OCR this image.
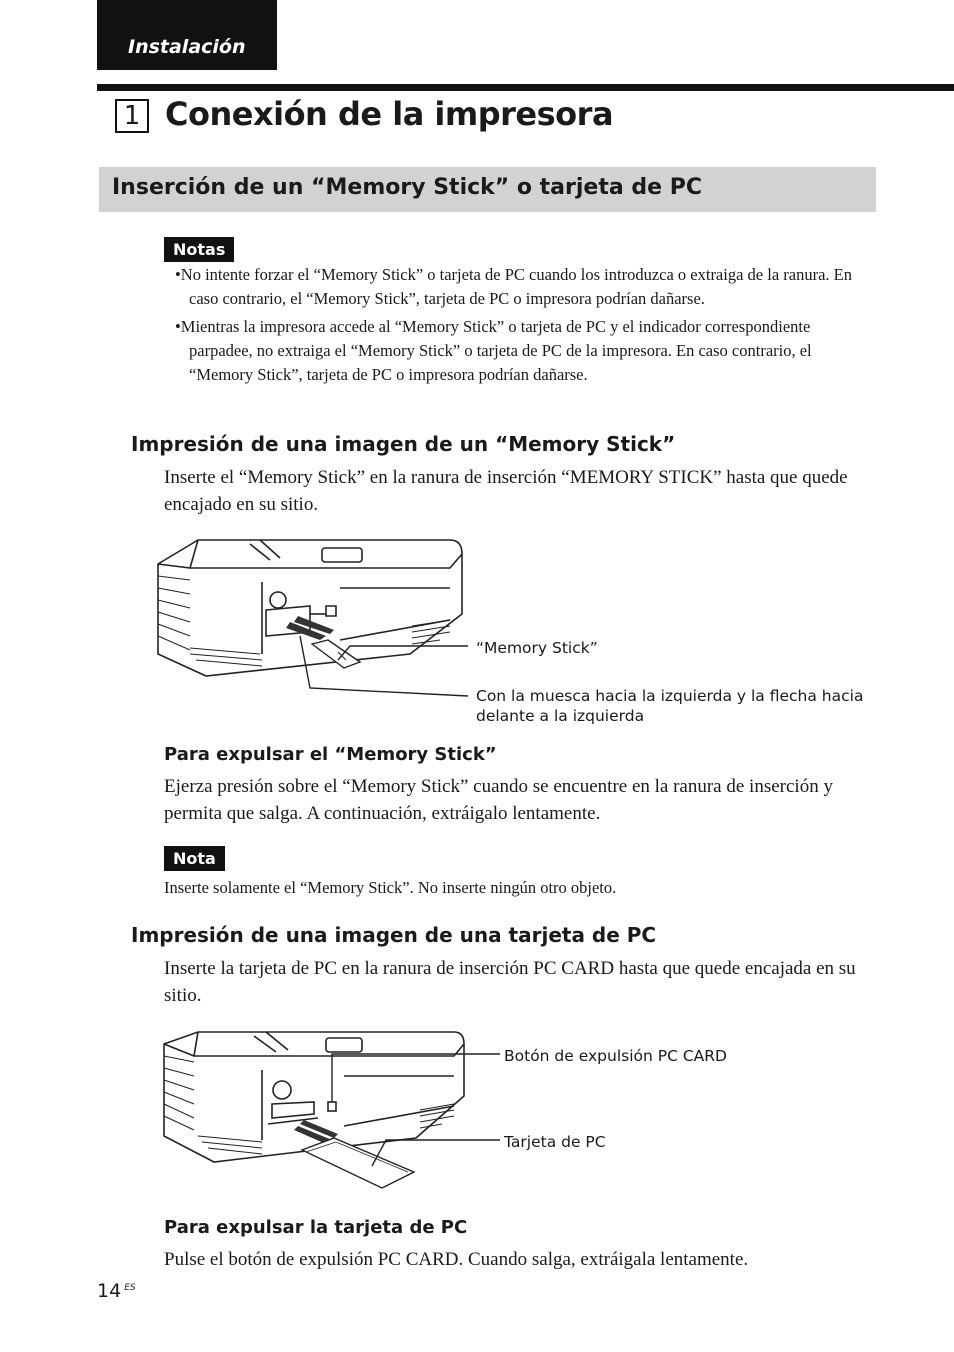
Instalación
1 Conexión de la impresora
Inserción de un “Memory Stick” o tarjeta de PC
Notas
•No intente forzar el “Memory Stick” o tarjeta de PC cuando los introduzca o extraiga de la ranura. En caso contrario, el “Memory Stick”, tarjeta de PC o impresora podrían dañarse.
•Mientras la impresora accede al “Memory Stick” o tarjeta de PC y el indicador correspondiente parpadee, no extraiga el “Memory Stick” o tarjeta de PC de la impresora. En caso contrario, el “Memory Stick”, tarjeta de PC o impresora podrían dañarse.
Impresión de una imagen de un “Memory Stick”
Inserte el “Memory Stick” en la ranura de inserción “MEMORY STICK” hasta que quede encajado en su sitio.
“Memory Stick”
Con la muesca hacia la izquierda y la flecha hacia delante a la izquierda
Para expulsar el “Memory Stick”
Ejerza presión sobre el “Memory Stick” cuando se encuentre en la ranura de inserción y permita que salga. A continuación, extráigalo lentamente.
Nota
Inserte solamente el “Memory Stick”. No inserte ningún otro objeto.
Impresión de una imagen de una tarjeta de PC
Inserte la tarjeta de PC en la ranura de inserción PC CARD hasta que quede encajada en su sitio.
Botón de expulsión PC CARD
Tarjeta de PC
Para expulsar la tarjeta de PC
Pulse el botón de expulsión PC CARD. Cuando salga, extráigala lentamente.
14 $^{ES}$
